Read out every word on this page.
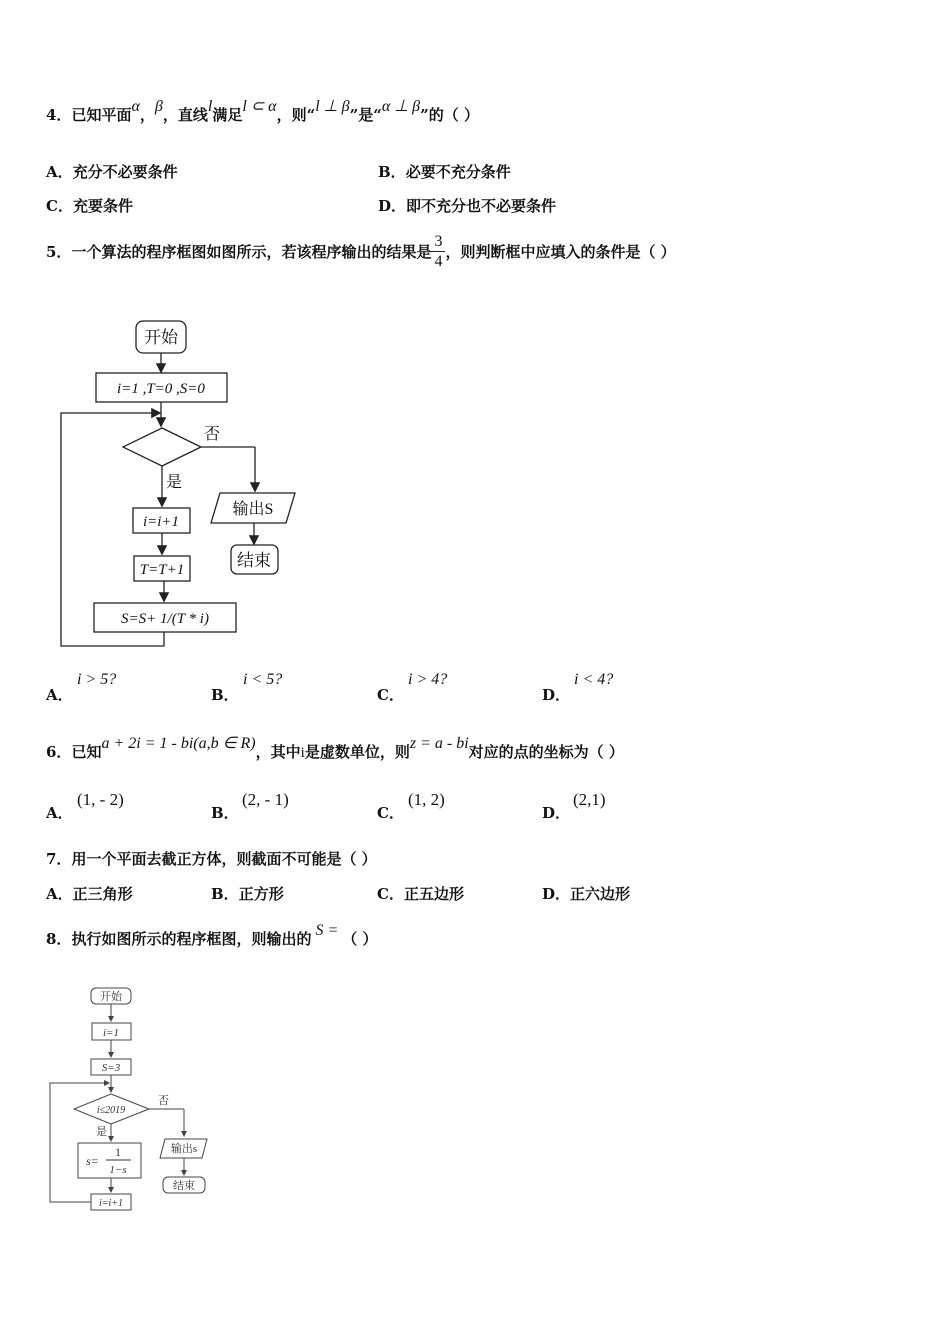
4．已知平面α，β，直线l满足l ⊂ α，则“l ⊥ β”是“α ⊥ β”的（ ）
A．充分不必要条件	B．必要不充分条件
C．充要条件	D．即不充分也不必要条件
5．一个算法的程序框图如图所示，若该程序输出的结果是 $\frac{3}{4}$ ，则判断框中应填入的条件是（ ）
开始
i=1 ,T=0 ,S=0
否
是
输出S
结束
i=i+1
T=T+1
S=S+ 1/(T * i)
A．
i > 5?
B．
i < 5?
C．
i > 4?
D．
i < 4?
6．已知a + 2i = 1 - bi(a,b ∈ R)，其中i是虚数单位，则z = a - bi对应的点的坐标为（ ）
A．
(1, - 2)
B．
(2, - 1)
C．
(1, 2)
D．
(2,1)
7．用一个平面去截正方体，则截面不可能是（ ）
A．正三角形	B．正方形	C．正五边形	D．正六边形
8．执行如图所示的程序框图，则输出的 S = （ ）
开始
i=1
S=3
i≤2019
否
是
s=
1
1−s
输出s
结束
i=i+1
